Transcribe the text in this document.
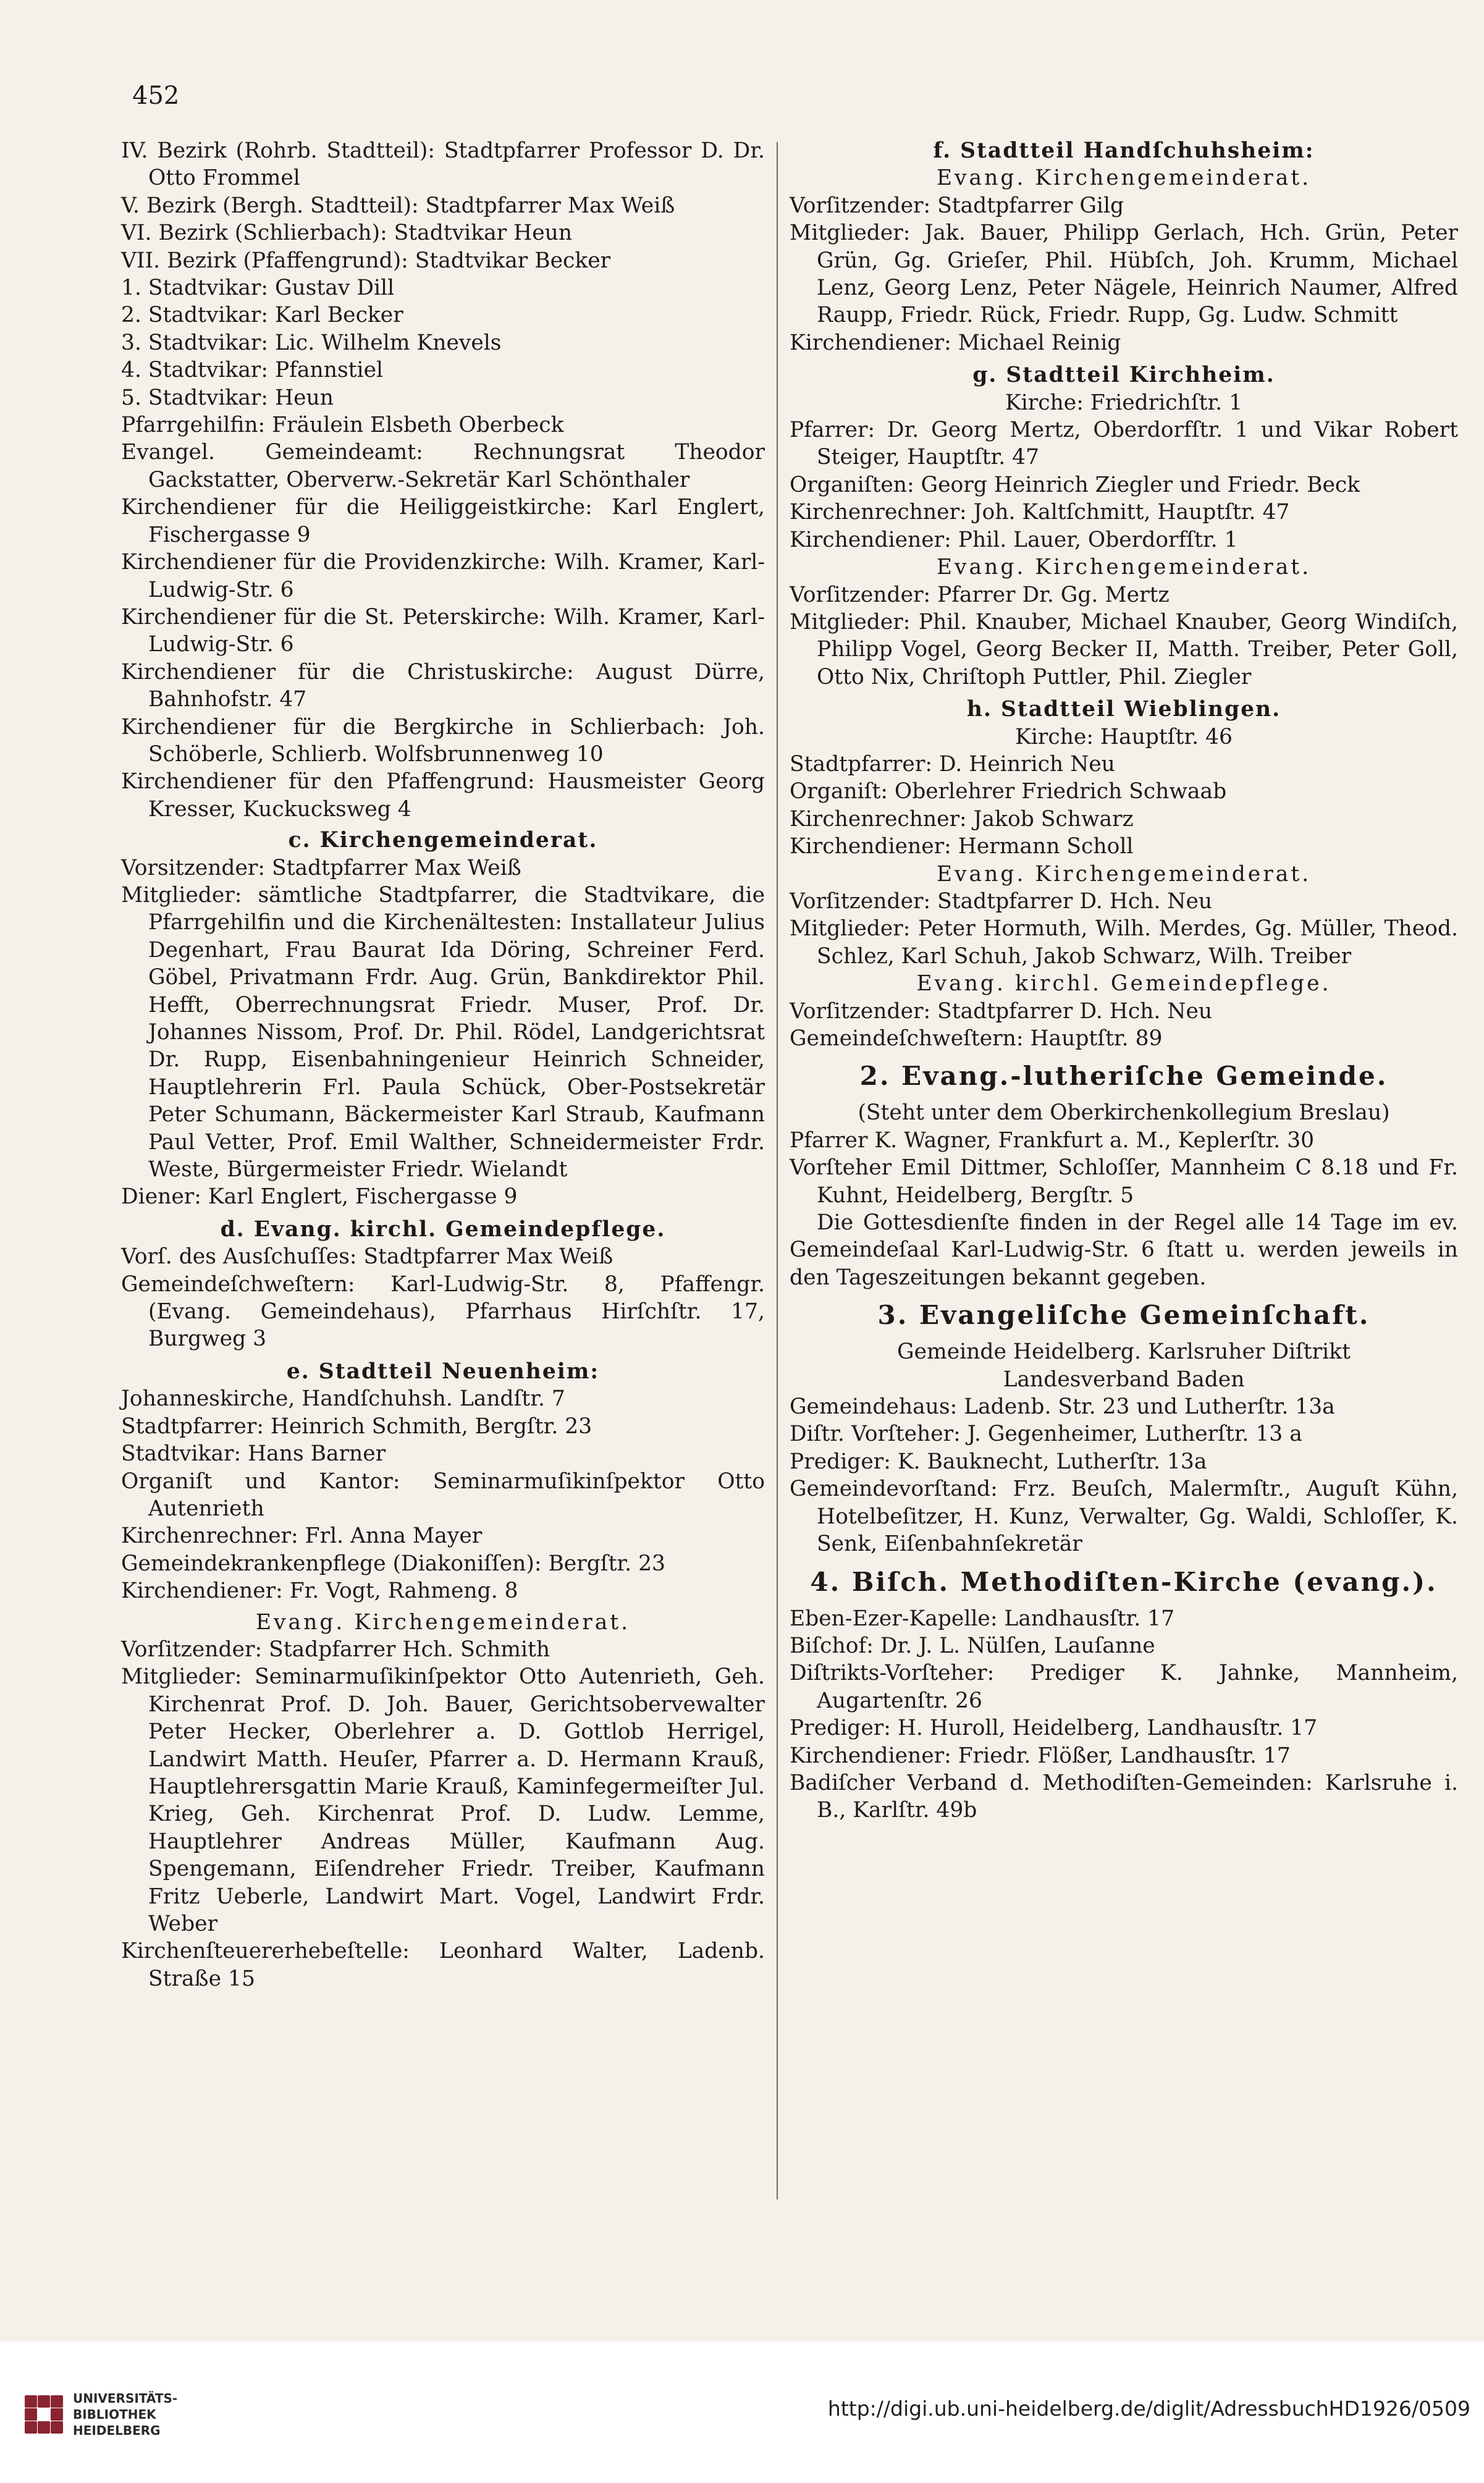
452

IV. Bezirk (Rohrb. Stadtteil): Stadtpfarrer Professor D. Dr. Otto Frommel

V. Bezirk (Bergh. Stadtteil): Stadtpfarrer Max Weiß

VI. Bezirk (Schlierbach): Stadtvikar Heun

VII. Bezirk (Pfaffengrund): Stadtvikar Becker

1. Stadtvikar: Gustav Dill

2. Stadtvikar: Karl Becker

3. Stadtvikar: Lic. Wilhelm Knevels

4. Stadtvikar: Pfannstiel

5. Stadtvikar: Heun

Pfarrgehilfin: Fräulein Elsbeth Oberbeck

Evangel. Gemeindeamt: Rechnungsrat Theodor Gackstatter, Oberverw.-Sekretär Karl Schönthaler

Kirchendiener für die Heiliggeistkirche: Karl Englert, Fischergasse 9

Kirchendiener für die Providenzkirche: Wilh. Kramer, Karl-Ludwig-Str. 6

Kirchendiener für die St. Peterskirche: Wilh. Kramer, Karl-Ludwig-Str. 6

Kirchendiener für die Christuskirche: August Dürre, Bahnhofstr. 47

Kirchendiener für die Bergkirche in Schlierbach: Joh. Schöberle, Schlierb. Wolfsbrunnenweg 10

Kirchendiener für den Pfaffengrund: Hausmeister Georg Kresser, Kuckucksweg 4

c. Kirchengemeinderat.

Vorsitzender: Stadtpfarrer Max Weiß

Mitglieder: sämtliche Stadtpfarrer, die Stadtvikare, die Pfarrgehilfin und die Kirchenältesten: Installateur Julius Degenhart, Frau Baurat Ida Döring, Schreiner Ferd. Göbel, Privatmann Frdr. Aug. Grün, Bankdirektor Phil. Hefft, Oberrechnungsrat Friedr. Muser, Prof. Dr. Johannes Nissom, Prof. Dr. Phil. Rödel, Landgerichtsrat Dr. Rupp, Eisenbahningenieur Heinrich Schneider, Hauptlehrerin Frl. Paula Schück, Ober-Postsekretär Peter Schumann, Bäckermeister Karl Straub, Kaufmann Paul Vetter, Prof. Emil Walther, Schneidermeister Frdr. Weste, Bürgermeister Friedr. Wielandt

Diener: Karl Englert, Fischergasse 9

d. Evang. kirchl. Gemeindepflege.

Vorſ. des Ausſchuſſes: Stadtpfarrer Max Weiß

Gemeindeſchweſtern: Karl-Ludwig-Str. 8, Pfaffengr. (Evang. Gemeindehaus), Pfarrhaus Hirſchſtr. 17, Burgweg 3

e. Stadtteil Neuenheim:

Johanneskirche, Handſchuhsh. Landſtr. 7

Stadtpfarrer: Heinrich Schmith, Bergſtr. 23

Stadtvikar: Hans Barner

Organiſt und Kantor: Seminarmuſikinſpektor Otto Autenrieth

Kirchenrechner: Frl. Anna Mayer

Gemeindekrankenpflege (Diakoniſſen): Bergſtr. 23

Kirchendiener: Fr. Vogt, Rahmeng. 8

Evang. Kirchengemeinderat.

Vorſitzender: Stadpfarrer Hch. Schmith

Mitglieder: Seminarmuſikinſpektor Otto Autenrieth, Geh. Kirchenrat Prof. D. Joh. Bauer, Gerichtsobervewalter Peter Hecker, Oberlehrer a. D. Gottlob Herrigel, Landwirt Matth. Heuſer, Pfarrer a. D. Hermann Krauß, Hauptlehrersgattin Marie Krauß, Kaminfegermeiſter Jul. Krieg, Geh. Kirchenrat Prof. D. Ludw. Lemme, Hauptlehrer Andreas Müller, Kaufmann Aug. Spengemann, Eiſendreher Friedr. Treiber, Kaufmann Fritz Ueberle, Landwirt Mart. Vogel, Landwirt Frdr. Weber

Kirchenſteuererhebeſtelle: Leonhard Walter, Ladenb. Straße 15

f. Stadtteil Handſchuhsheim:

Evang. Kirchengemeinderat.

Vorſitzender: Stadtpfarrer Gilg

Mitglieder: Jak. Bauer, Philipp Gerlach, Hch. Grün, Peter Grün, Gg. Grieſer, Phil. Hübſch, Joh. Krumm, Michael Lenz, Georg Lenz, Peter Nägele, Heinrich Naumer, Alfred Raupp, Friedr. Rück, Friedr. Rupp, Gg. Ludw. Schmitt

Kirchendiener: Michael Reinig

g. Stadtteil Kirchheim.

Kirche: Friedrichſtr. 1

Pfarrer: Dr. Georg Mertz, Oberdorfſtr. 1 und Vikar Robert Steiger, Hauptſtr. 47

Organiſten: Georg Heinrich Ziegler und Friedr. Beck

Kirchenrechner: Joh. Kaltſchmitt, Hauptſtr. 47

Kirchendiener: Phil. Lauer, Oberdorfſtr. 1

Evang. Kirchengemeinderat.

Vorſitzender: Pfarrer Dr. Gg. Mertz

Mitglieder: Phil. Knauber, Michael Knauber, Georg Windiſch, Philipp Vogel, Georg Becker II, Matth. Treiber, Peter Goll, Otto Nix, Chriſtoph Puttler, Phil. Ziegler

h. Stadtteil Wieblingen.

Kirche: Hauptſtr. 46

Stadtpfarrer: D. Heinrich Neu

Organiſt: Oberlehrer Friedrich Schwaab

Kirchenrechner: Jakob Schwarz

Kirchendiener: Hermann Scholl

Evang. Kirchengemeinderat.

Vorſitzender: Stadtpfarrer D. Hch. Neu

Mitglieder: Peter Hormuth, Wilh. Merdes, Gg. Müller, Theod. Schlez, Karl Schuh, Jakob Schwarz, Wilh. Treiber

Evang. kirchl. Gemeindepflege.

Vorſitzender: Stadtpfarrer D. Hch. Neu

Gemeindeſchweſtern: Hauptſtr. 89

2. Evang.-lutheriſche Gemeinde.

(Steht unter dem Oberkirchenkollegium Breslau)

Pfarrer K. Wagner, Frankfurt a. M., Keplerſtr. 30

Vorſteher Emil Dittmer, Schloſſer, Mannheim C 8.18 und Fr. Kuhnt, Heidelberg, Bergſtr. 5

Die Gottesdienſte finden in der Regel alle 14 Tage im ev. Gemeindeſaal Karl-Ludwig-Str. 6 ſtatt u. werden jeweils in den Tageszeitungen bekannt gegeben.

3. Evangeliſche Gemeinſchaft.

Gemeinde Heidelberg. Karlsruher Diſtrikt

Landesverband Baden

Gemeindehaus: Ladenb. Str. 23 und Lutherſtr. 13a

Diſtr. Vorſteher: J. Gegenheimer, Lutherſtr. 13 a

Prediger: K. Bauknecht, Lutherſtr. 13a

Gemeindevorſtand: Frz. Beuſch, Malermſtr., Auguſt Kühn, Hotelbeſitzer, H. Kunz, Verwalter, Gg. Waldi, Schloſſer, K. Senk, Eiſenbahnſekretär

4. Biſch. Methodiſten-Kirche (evang.).

Eben-Ezer-Kapelle: Landhausſtr. 17

Biſchof: Dr. J. L. Nülſen, Lauſanne

Diſtrikts-Vorſteher: Prediger K. Jahnke, Mannheim, Augartenſtr. 26

Prediger: H. Huroll, Heidelberg, Landhausſtr. 17

Kirchendiener: Friedr. Flößer, Landhausſtr. 17

Badiſcher Verband d. Methodiſten-Gemeinden: Karlsruhe i. B., Karlſtr. 49b

UNIVERSITÄTS-
BIBLIOTHEK
HEIDELBERG
http://digi.ub.uni-heidelberg.de/diglit/AdressbuchHD1926/0509
